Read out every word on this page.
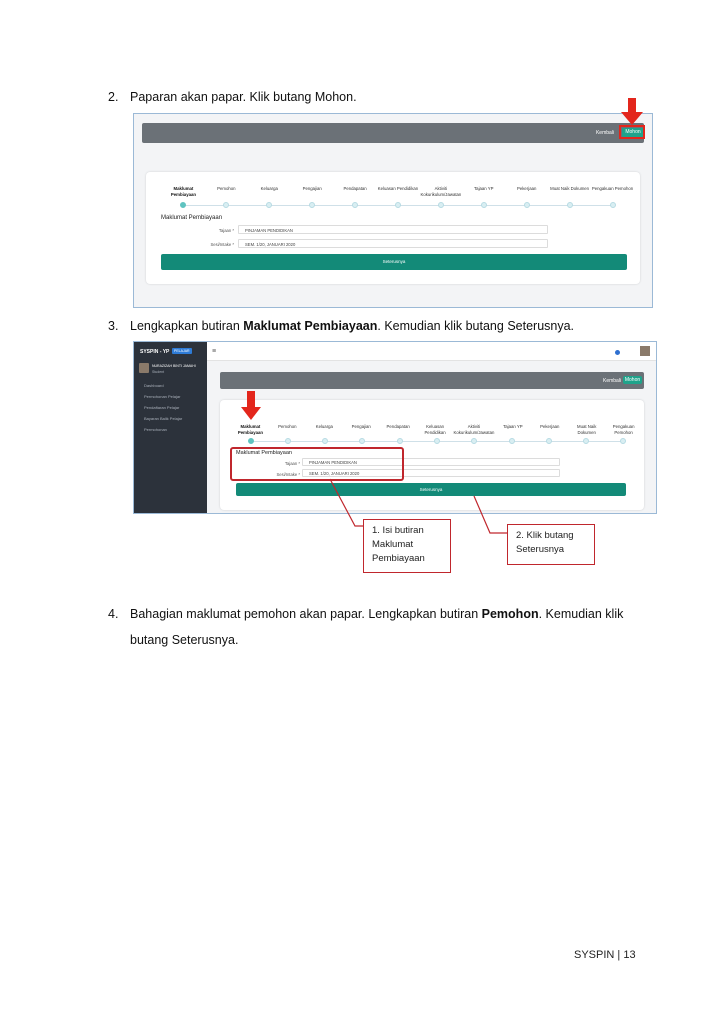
2. Paparan akan papar. Klik butang Mohon.
Kembali	Mohon
Maklumat Pembiayaan
Pemohon	Keluarga	Pengajian	Pendapatan	Keluasan Pendidikan	Aktiviti Kokurikulum/Jawatan
Tajaan YP	Pekerjaan	Muat Naik Dokumen Pengakuan Pemohon
Maklumat Pembiayaan
Tajaan *	PINJAMAN PENDIDIKAN
Sesi/Intake *	SEM. 1/20, JANUARI 2020
Seterusnya
3. Lengkapkan butiran Maklumat Pembiayaan. Kemudian klik butang Seterusnya.
SYSPIN - YP	PELAJAR
NURAZIZAH BINTI JAMAHI
Student
Dashboard
Permohonan Pelajar
Pendaftaran Pelajar
Bayaran Balik Pelajar
Permohonan
≡
Kembali Mohon
Maklumat Pembiayaan
Pemohon	Keluarga	Pengajian	Pendapatan	Keluasan Pendidikan
Aktiviti Kokurikulum/Jawatan
Tajaan YP	Pekerjaan	Muat Naik Dokumen
Pengakuan Pemohon
Maklumat Pembiayaan
Tajaan *	PINJAMAN PENDIDIKAN
Sesi/Intake *	SEM. 1/20, JANUARI 2020
Seterusnya
1. Isi butiran
Maklumat
Pembiayaan
2. Klik butang
Seterusnya
4. Bahagian maklumat pemohon akan papar. Lengkapkan butiran Pemohon. Kemudian klik
butang Seterusnya.
SYSPIN | 13
